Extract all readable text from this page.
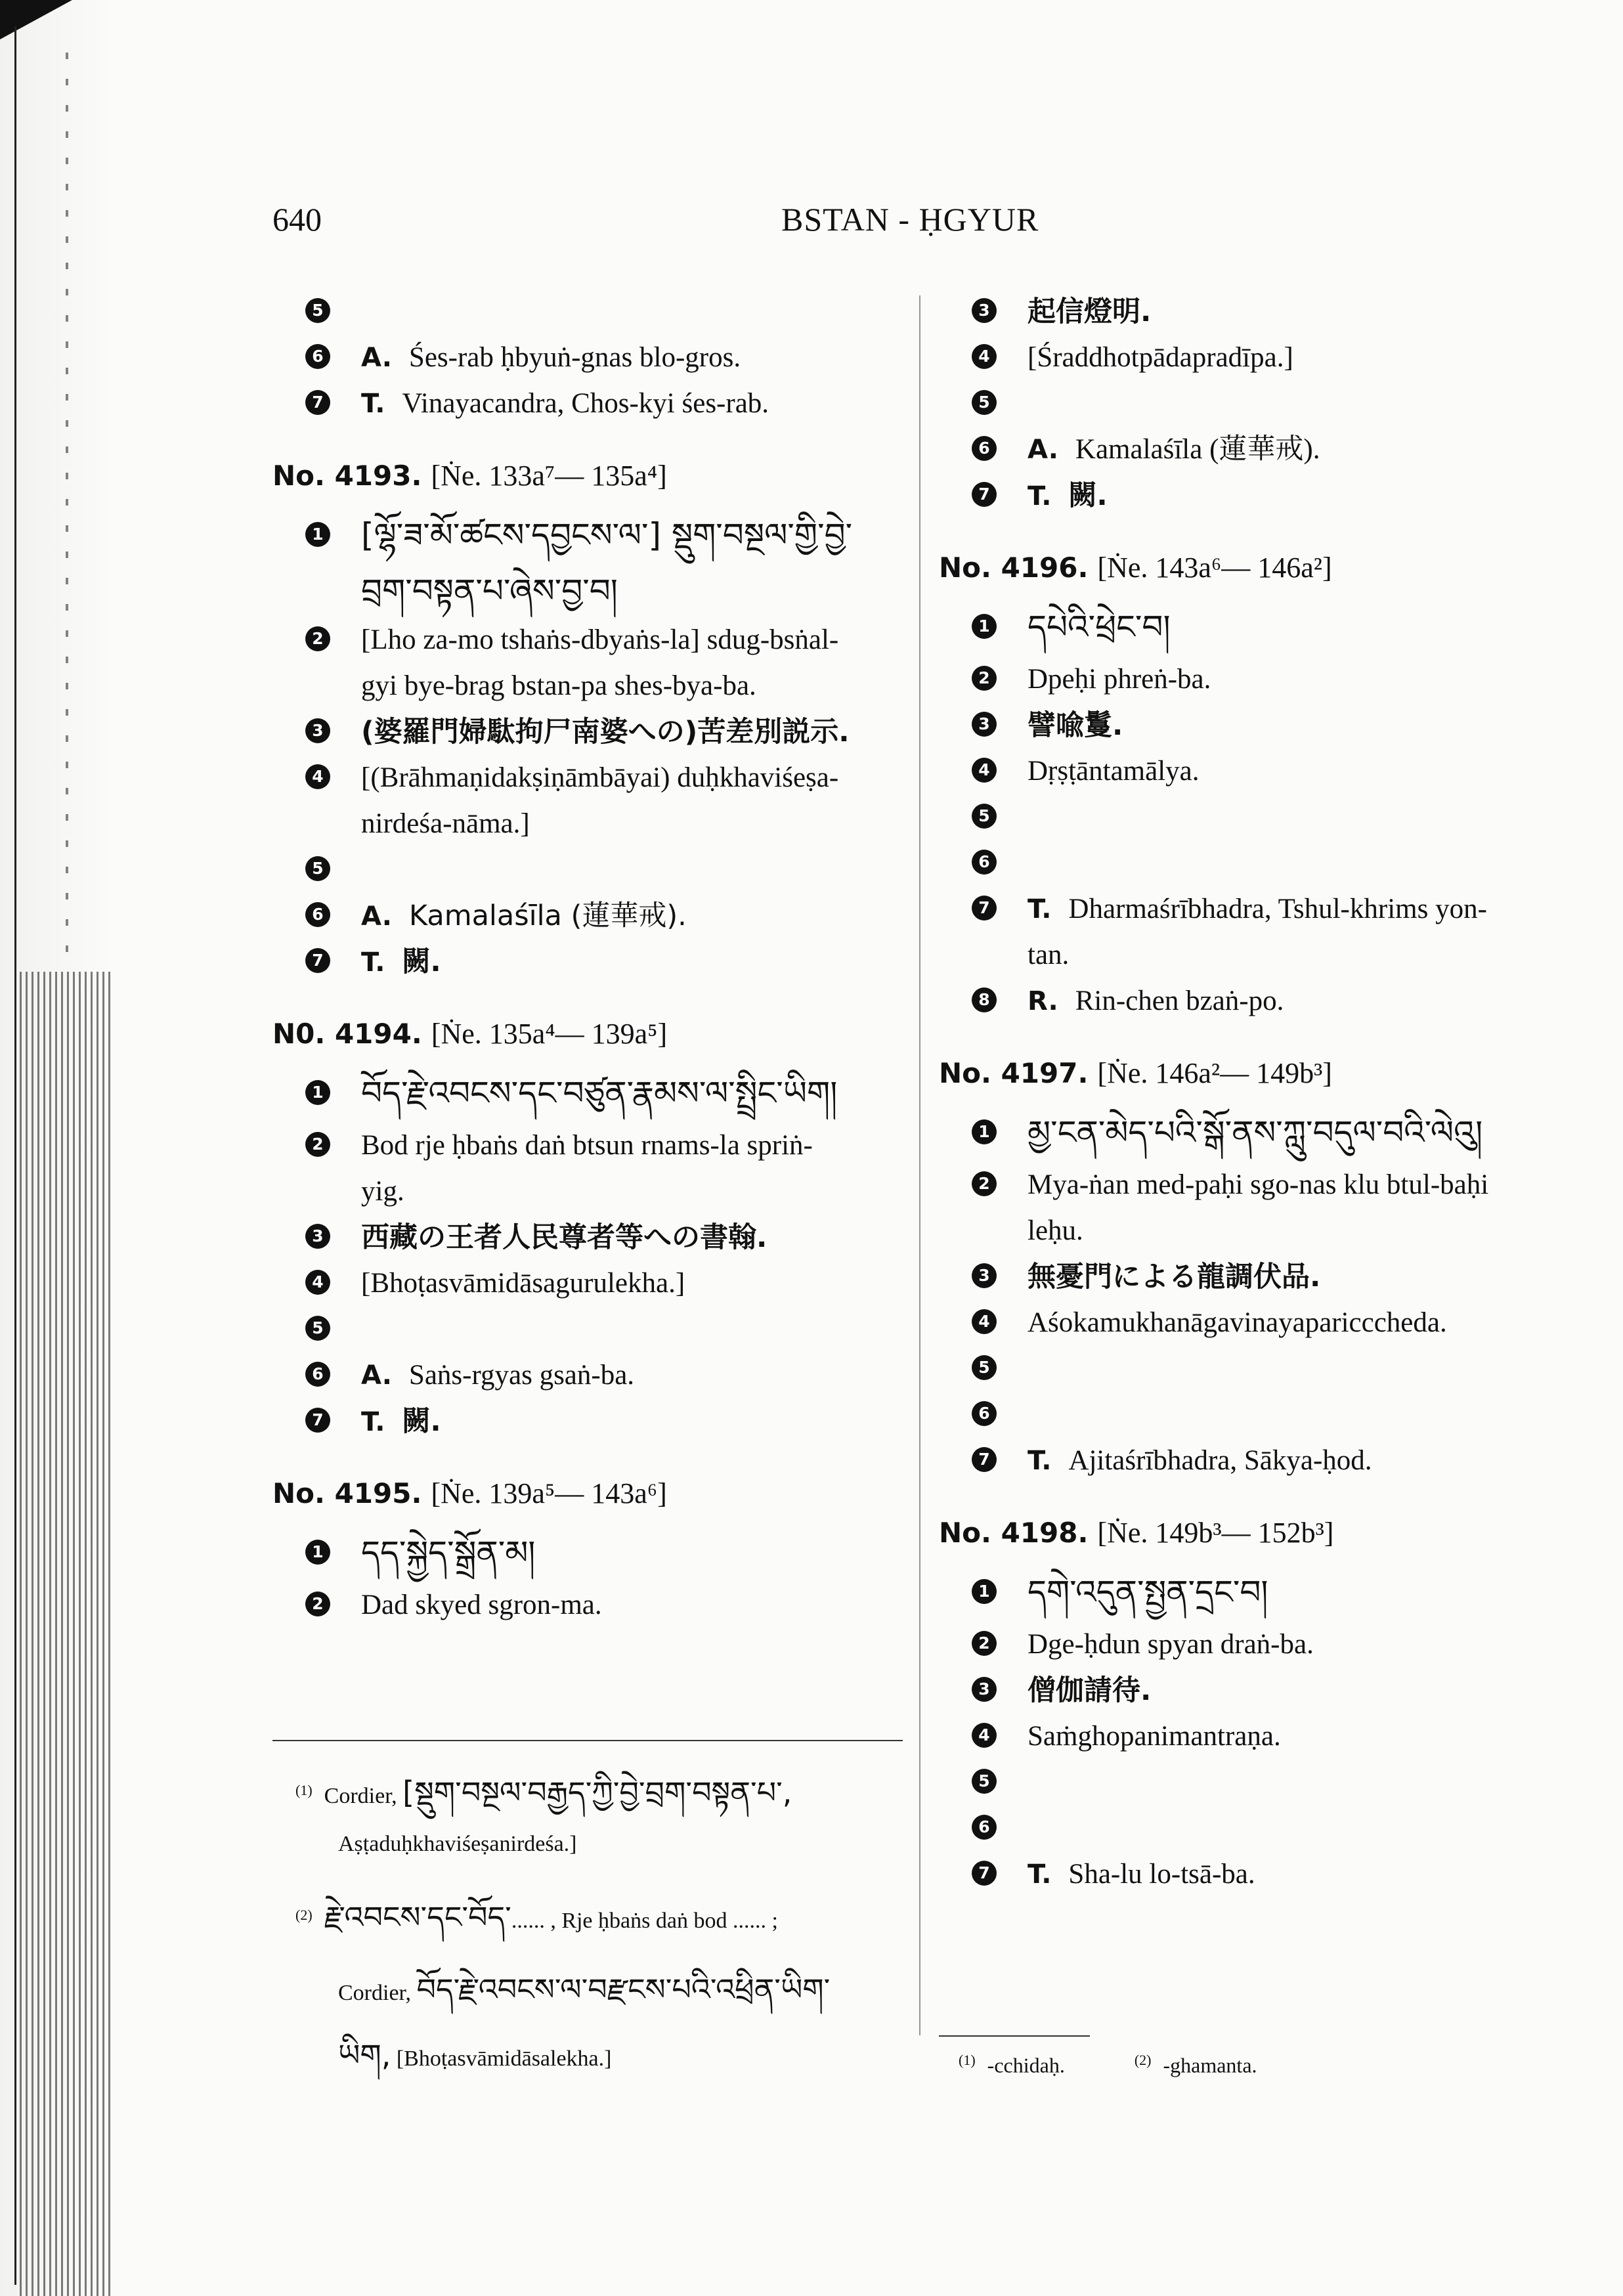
640	BSTAN - ḤGYUR
5
6 A. Śes-rab ḥbyuṅ-gnas blo-gros.
7 T. Vinayacandra, Chos-kyi śes-rab.
No. 4193. [Ṅe. 133a⁷— 135a⁴]
1 [ལྷོ་ཟ་མོ་ཚངས་དབྱངས་ལ་] སྡུག་བསྔལ་གྱི་བྱེ་
བྲག་བསྟན་པ་ཞེས་བྱ་བ།
2 [Lho za-mo tshaṅs-dbyaṅs-la] sdug-bsṅal-
gyi bye-brag bstan-pa shes-bya-ba.
3 (婆羅門婦駄拘尸南婆への)苦差別説示.
4 [(Brāhmaṇidakṣiṇāmbāyai) duḥkhaviśeṣa-
nirdeśa-nāma.]
5
6 A. Kamalaśīla (蓮華戒).
7 T. 闕.
N0. 4194. [Ṅe. 135a⁴— 139a⁵]
1 བོད་རྗེ་འབངས་དང་བཙུན་རྣམས་ལ་སྤྲིང་ཡིག།
2 Bod rje ḥbaṅs daṅ btsun rnams-la spriṅ-
yig.
3 西藏の王者人民尊者等への書翰.
4 [Bhoṭasvāmidāsagurulekha.]
5
6 A. Saṅs-rgyas gsaṅ-ba.
7 T. 闕.
No. 4195. [Ṅe. 139a⁵— 143a⁶]
1 དད་སྐྱེད་སྒྲོན་མ།
2 Dad skyed sgron-ma.
$^{(1)}$ Cordier, [སྡུག་བསྔལ་བརྒྱད་ཀྱི་བྱེ་བྲག་བསྟན་པ་,
Aṣṭaduḥkhaviśeṣanirdeśa.]
$^{(2)}$ རྗེ་འབངས་དང་བོད་...... , Rje ḥbaṅs daṅ bod ...... ;
Cordier, བོད་རྗེ་འབངས་ལ་བརྫངས་པའི་འཕྲིན་ཡིག་
ཡིག, [Bhoṭasvāmidāsalekha.]
3 起信燈明.
4 [Śraddhotpādapradīpa.]
5
6 A. Kamalaśīla (蓮華戒).
7 T. 闕.
No. 4196. [Ṅe. 143a⁶— 146a²]
1 དཔེའི་ཕྲེང་བ།
2 Dpeḥi phreṅ-ba.
3 譬喩鬘.
4 Dṛṣṭāntamālya.
5
6
7 T. Dharmaśrībhadra, Tshul-khrims yon-
tan.
8 R. Rin-chen bzaṅ-po.
No. 4197. [Ṅe. 146a²— 149b³]
1 མྱ་ངན་མེད་པའི་སྒོ་ནས་ཀླུ་བདུལ་བའི་ལེའུ།
2 Mya-ṅan med-paḥi sgo-nas klu btul-baḥi
leḥu.
3 無憂門による龍調伏品.
4 Aśokamukhanāgavinayaparicccheda.
5
6
7 T. Ajitaśrībhadra, Sākya-ḥod.
No. 4198. [Ṅe. 149b³— 152b³]
1 དགེ་འདུན་སྤྱན་དྲང་བ།
2 Dge-ḥdun spyan draṅ-ba.
3 僧伽請待.
4 Saṁghopanimantraṇa.
5
6
7 T. Sha-lu lo-tsā-ba.
$^{(1)}$ -cchidaḥ.	$^{(2)}$ -ghamanta.
